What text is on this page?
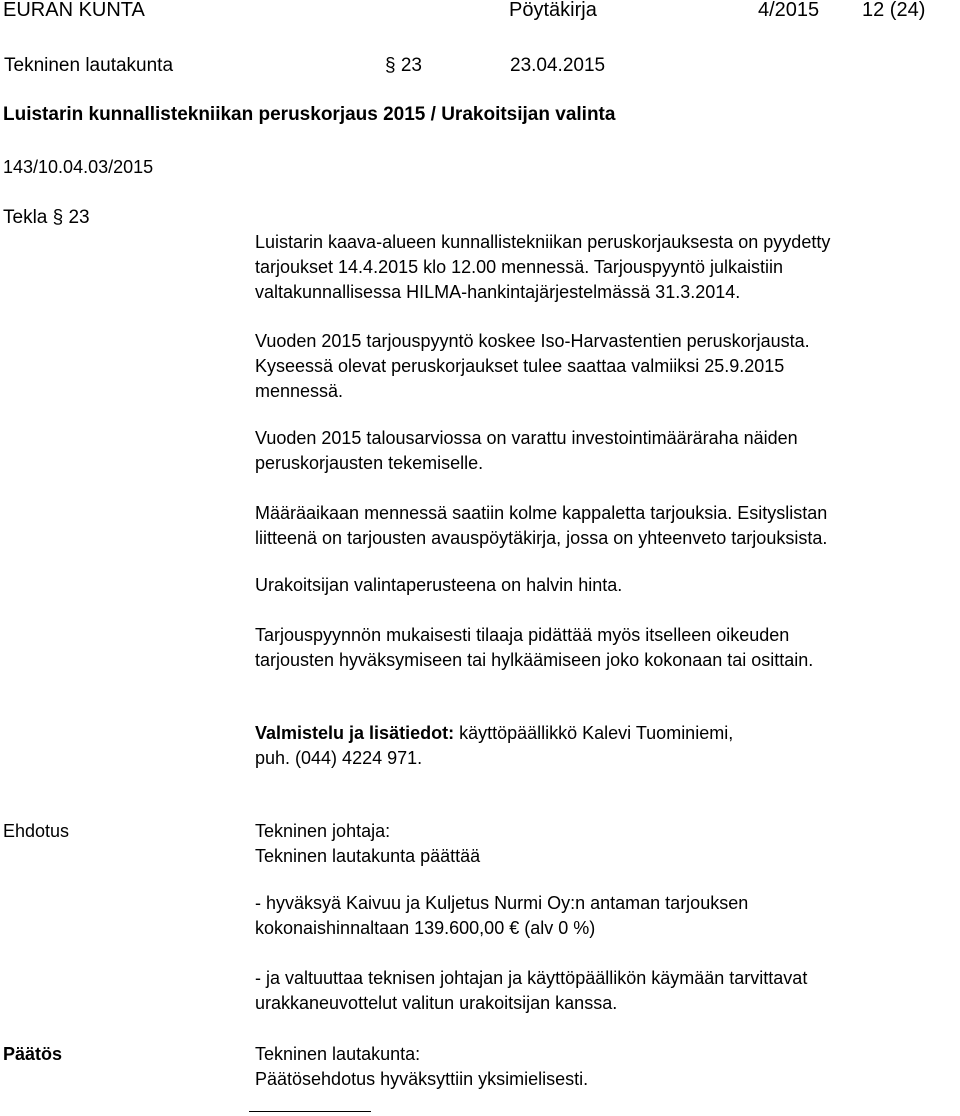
EURAN KUNTA	Pöytäkirja	4/2015 12 (24)
Tekninen lautakunta	§ 23	23.04.2015
Luistarin kunnallistekniikan peruskorjaus 2015 / Urakoitsijan valinta
143/10.04.03/2015
Tekla § 23
Luistarin kaava-alueen kunnallistekniikan peruskorjauksesta on pyydetty
tarjoukset 14.4.2015 klo 12.00 mennessä. Tarjouspyyntö julkaistiin
valtakunnallisessa HILMA-hankintajärjestelmässä 31.3.2014.
Vuoden 2015 tarjouspyyntö koskee Iso-Harvastentien peruskorjausta.
Kyseessä olevat peruskorjaukset tulee saattaa valmiiksi 25.9.2015
mennessä.
Vuoden 2015 talousarviossa on varattu investointimääräraha näiden
peruskorjausten tekemiselle.
Määräaikaan mennessä saatiin kolme kappaletta tarjouksia. Esityslistan
liitteenä on tarjousten avauspöytäkirja, jossa on yhteenveto tarjouksista.
Urakoitsijan valintaperusteena on halvin hinta.
Tarjouspyynnön mukaisesti tilaaja pidättää myös itselleen oikeuden
tarjousten hyväksymiseen tai hylkäämiseen joko kokonaan tai osittain.
Valmistelu ja lisätiedot: käyttöpäällikkö Kalevi Tuominiemi,
puh. (044) 4224 971.
Ehdotus	Tekninen johtaja:
Tekninen lautakunta päättää
- hyväksyä Kaivuu ja Kuljetus Nurmi Oy:n antaman tarjouksen
kokonaishinnaltaan 139.600,00 € (alv 0 %)
- ja valtuuttaa teknisen johtajan ja käyttöpäällikön käymään tarvittavat
urakkaneuvottelut valitun urakoitsijan kanssa.
Päätös	Tekninen lautakunta:
Päätösehdotus hyväksyttiin yksimielisesti.
